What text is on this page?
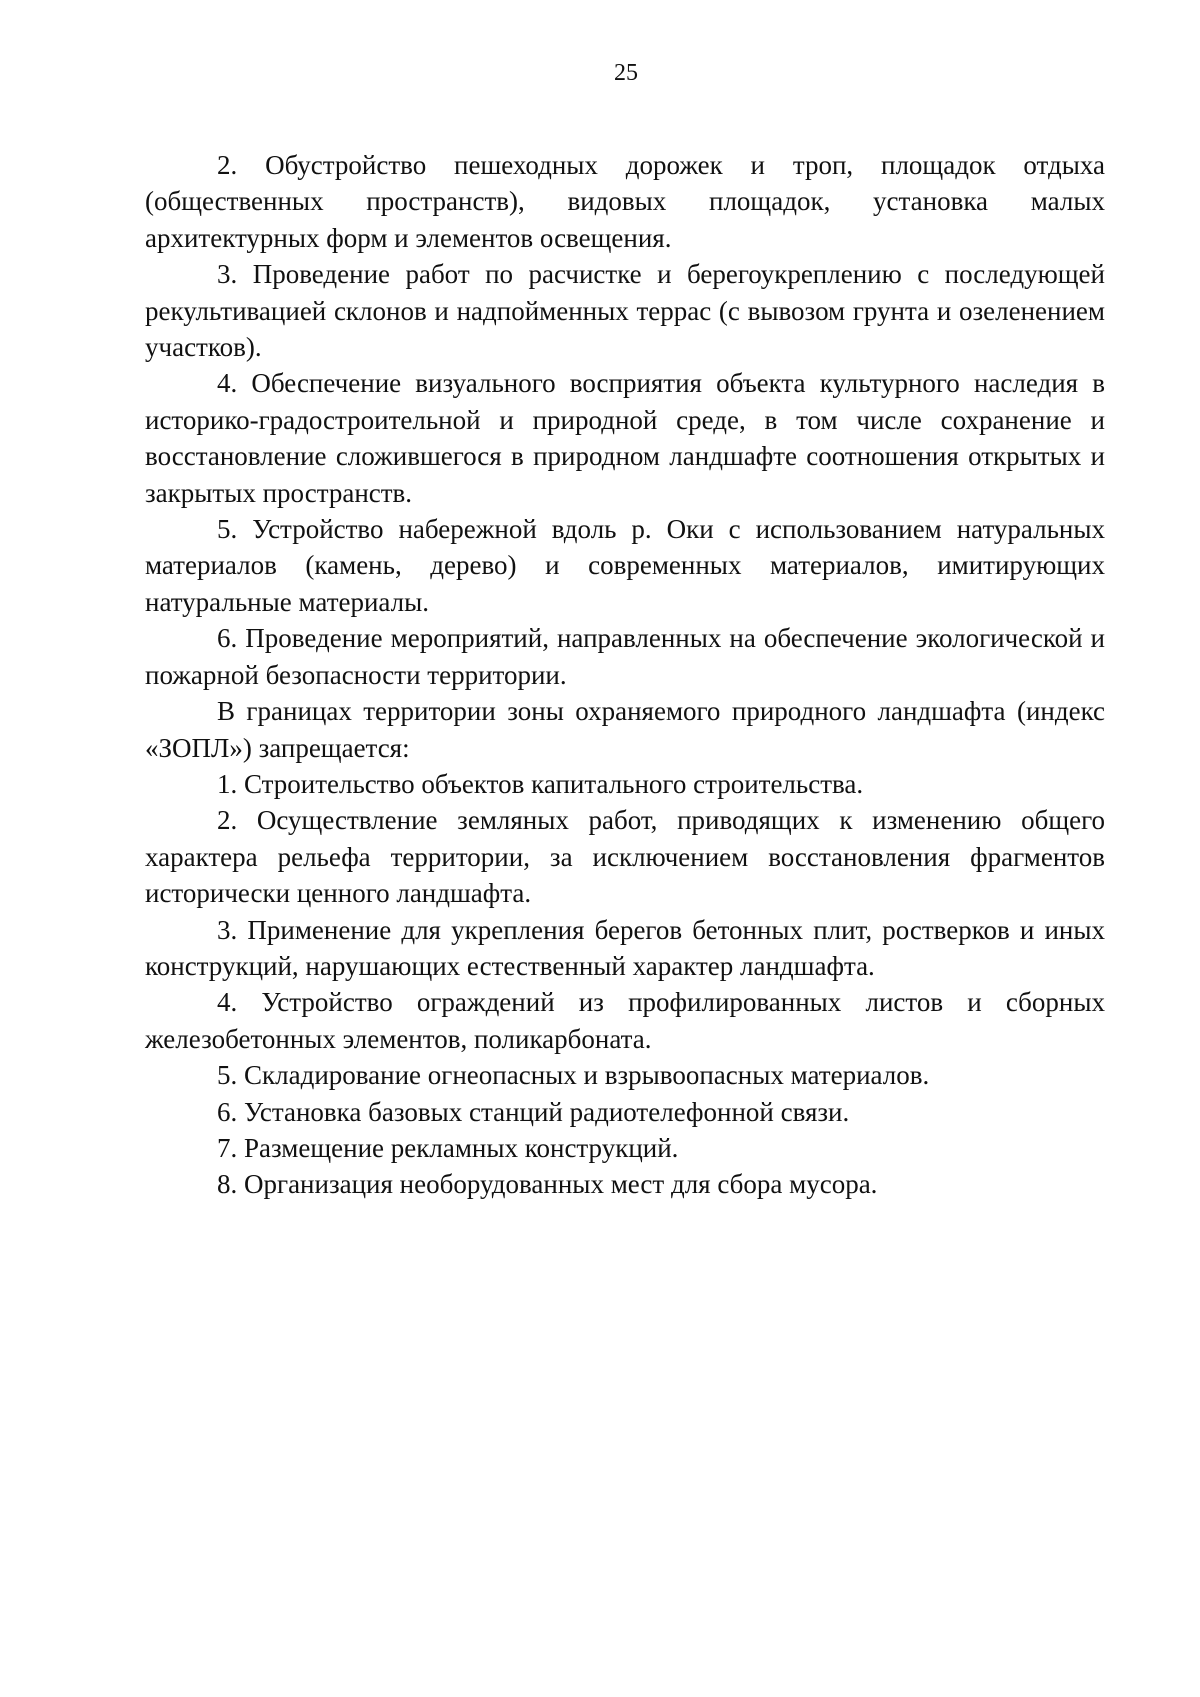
25

2. Обустройство пешеходных дорожек и троп, площадок отдыха (общественных пространств), видовых площадок, установка малых архитектурных форм и элементов освещения.

3. Проведение работ по расчистке и берегоукреплению с последующей рекультивацией склонов и надпойменных террас (с вывозом грунта и озеленением участков).

4. Обеспечение визуального восприятия объекта культурного наследия в историко-градостроительной и природной среде, в том числе сохранение и восстановление сложившегося в природном ландшафте соотношения открытых и закрытых пространств.

5. Устройство набережной вдоль р. Оки с использованием натуральных материалов (камень, дерево) и современных материалов, имитирующих натуральные материалы.

6. Проведение мероприятий, направленных на обеспечение экологической и пожарной безопасности территории.

В границах территории зоны охраняемого природного ландшафта (индекс «ЗОПЛ») запрещается:

1. Строительство объектов капитального строительства.

2. Осуществление земляных работ, приводящих к изменению общего характера рельефа территории, за исключением восстановления фрагментов исторически ценного ландшафта.

3. Применение для укрепления берегов бетонных плит, ростверков и иных конструкций, нарушающих естественный характер ландшафта.

4. Устройство ограждений из профилированных листов и сборных железобетонных элементов, поликарбоната.

5. Складирование огнеопасных и взрывоопасных материалов.

6. Установка базовых станций радиотелефонной связи.

7. Размещение рекламных конструкций.

8. Организация необорудованных мест для сбора мусора.
